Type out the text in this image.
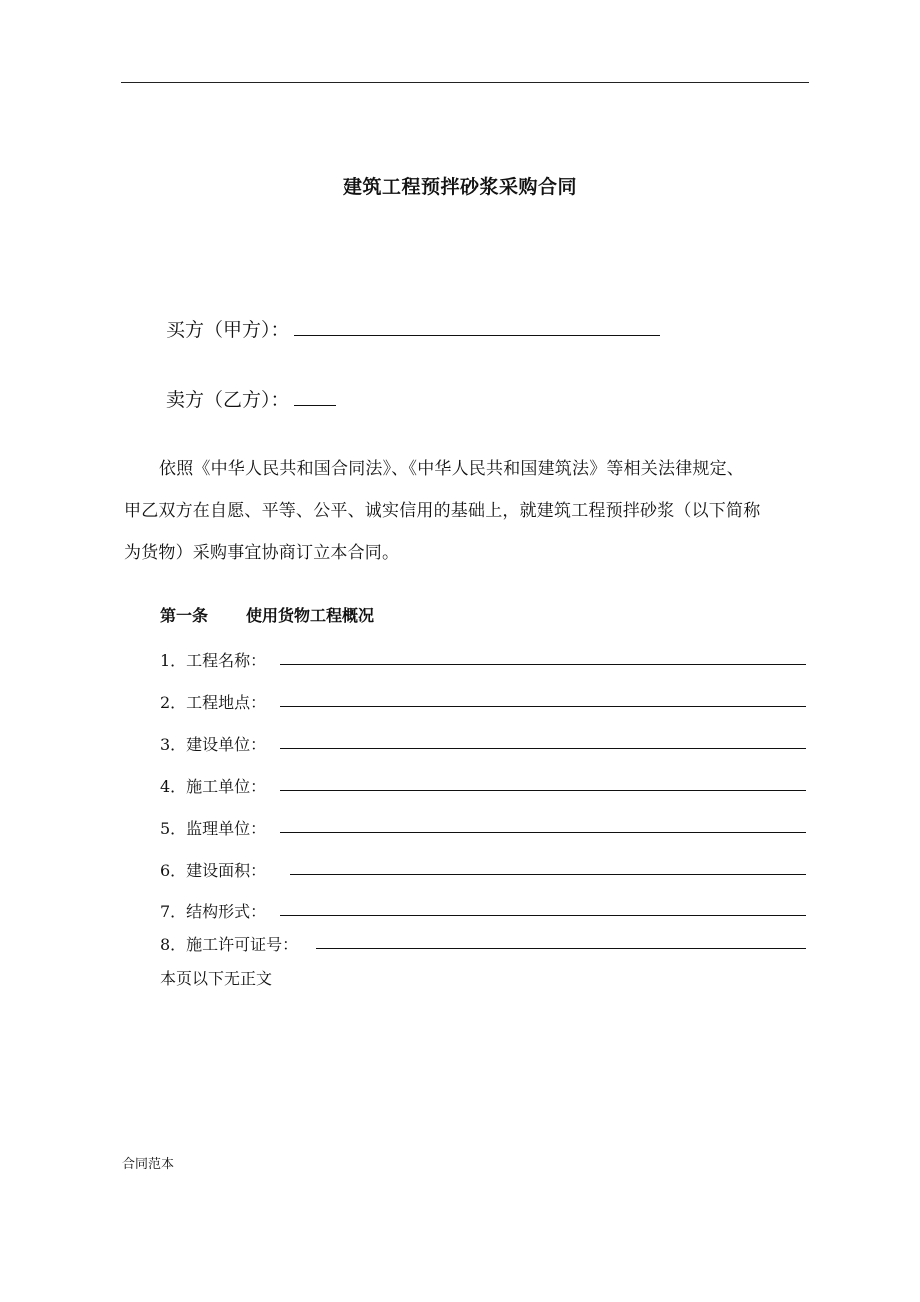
建筑工程预拌砂浆采购合同
买方（甲方）：
卖方（乙方）：
依照《中华人民共和国合同法》、《中华人民共和国建筑法》等相关法律规定、
甲乙双方在自愿、平等、公平、诚实信用的基础上，就建筑工程预拌砂浆（以下简称
为货物）采购事宜协商订立本合同。
第一条 使用货物工程概况
1．工程名称：
2．工程地点：
3．建设单位：
4．施工单位：
5．监理单位：
6．建设面积：
7．结构形式：
8．施工许可证号：
本页以下无正文
合同范本
